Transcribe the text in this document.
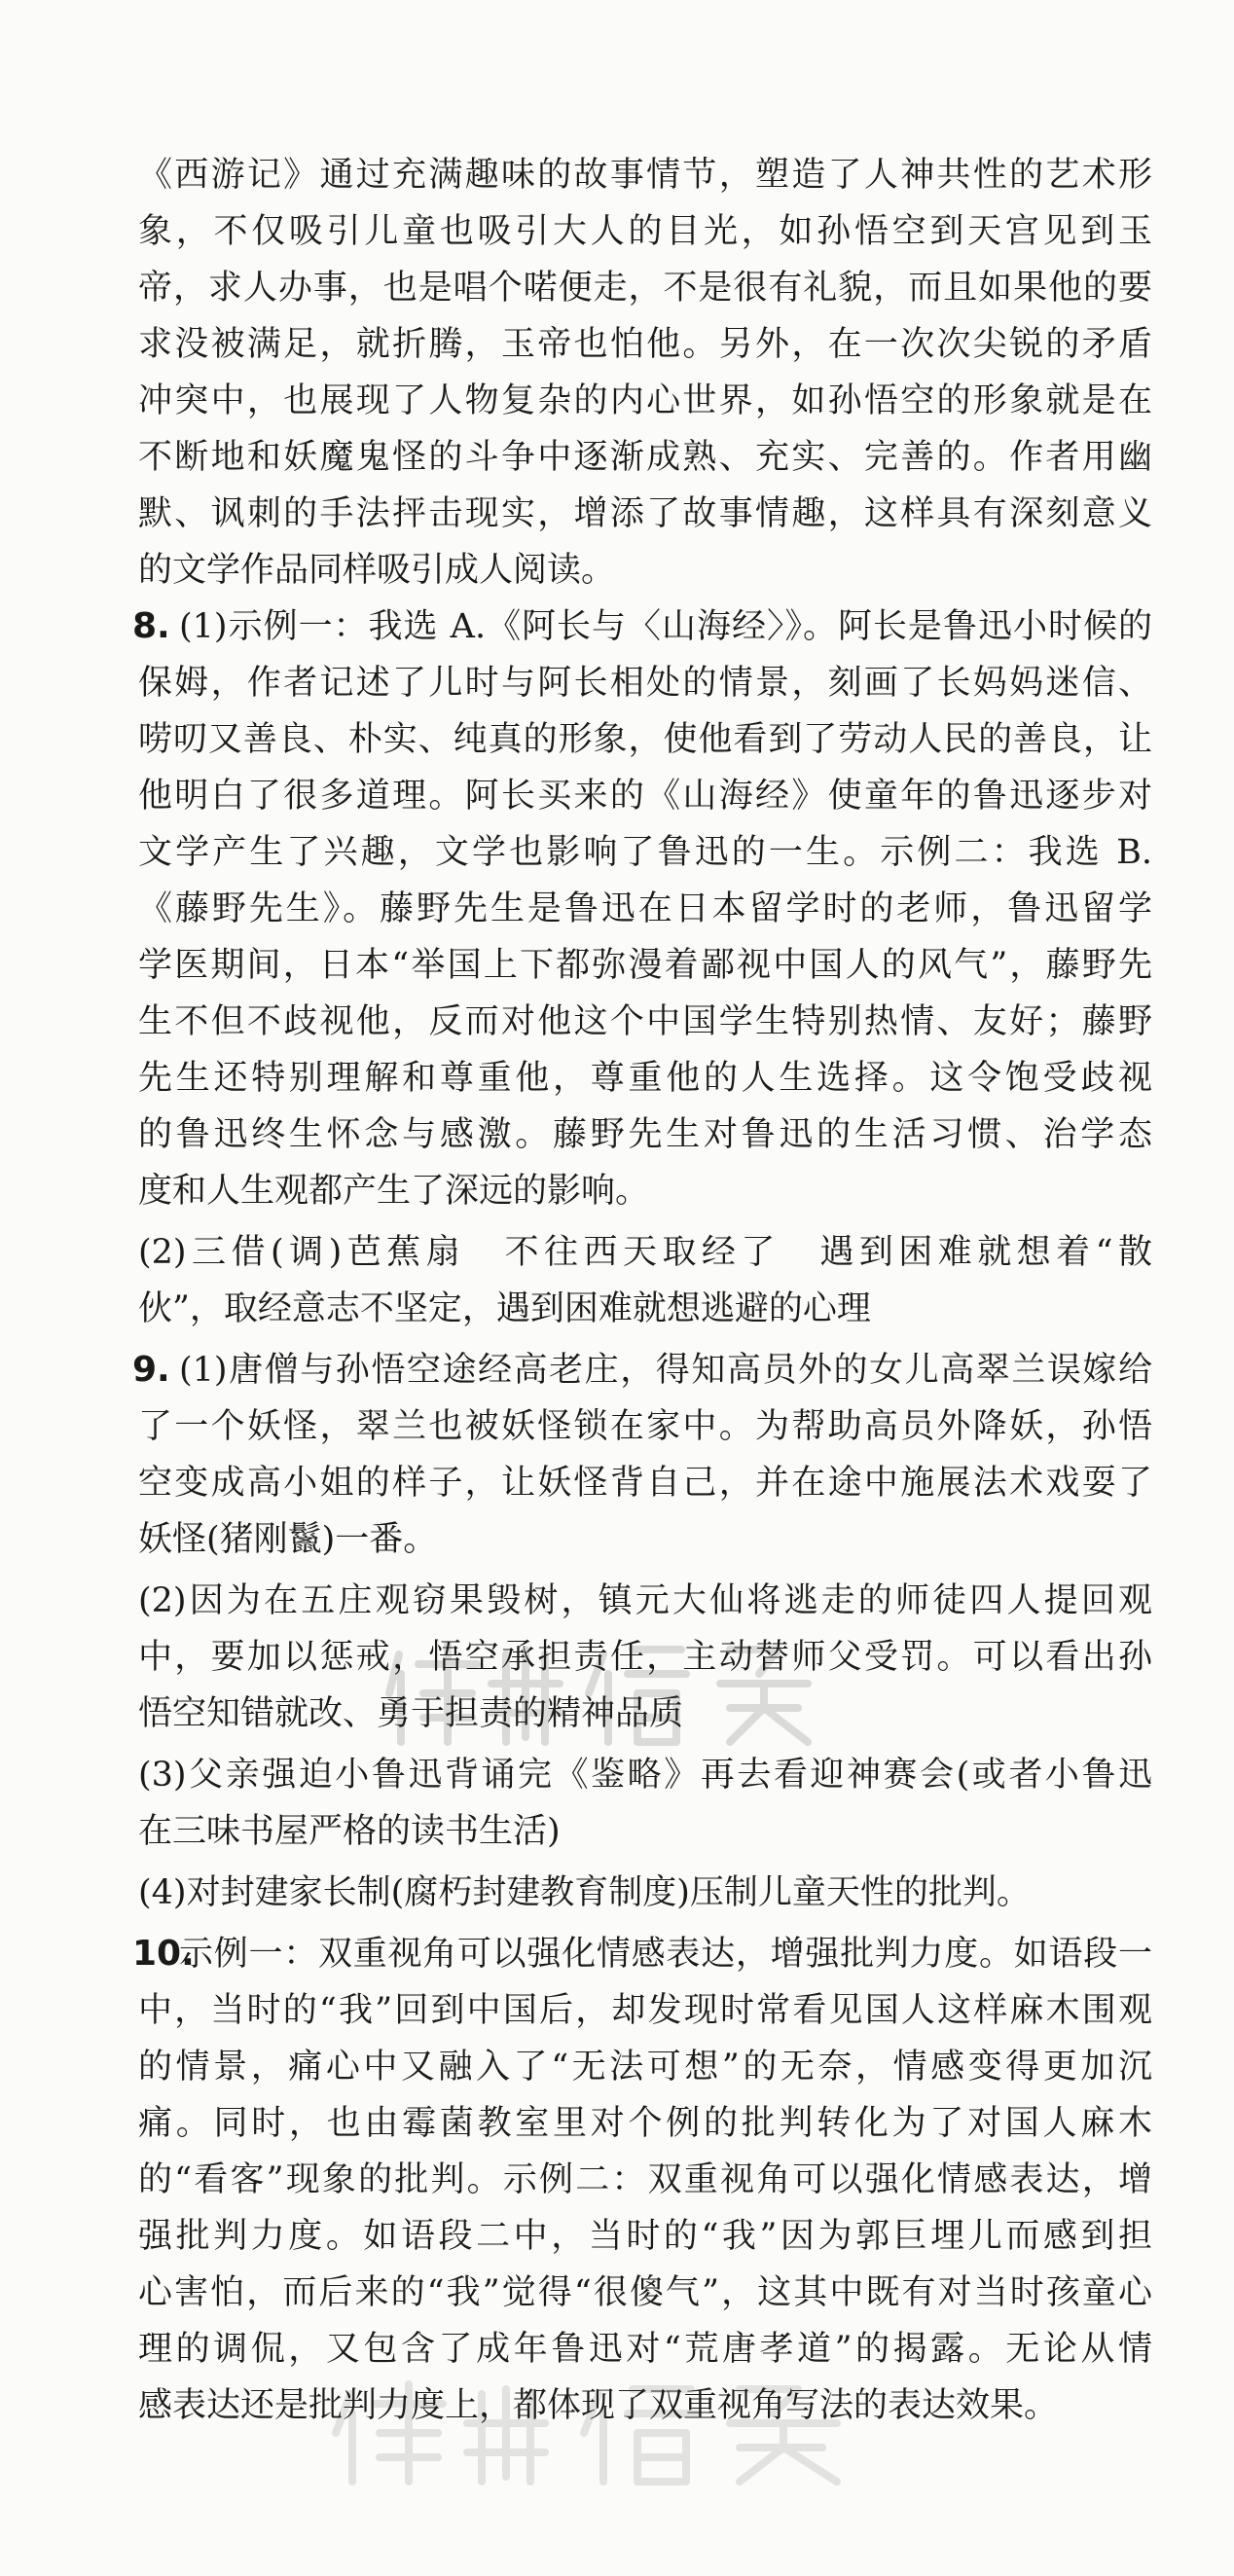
《西游记》通过充满趣味的故事情节，塑造了人神共性的艺术形
象，不仅吸引儿童也吸引大人的目光，如孙悟空到天宫见到玉
帝，求人办事，也是唱个喏便走，不是很有礼貌，而且如果他的要
求没被满足，就折腾，玉帝也怕他。另外，在一次次尖锐的矛盾
冲突中，也展现了人物复杂的内心世界，如孙悟空的形象就是在
不断地和妖魔鬼怪的斗争中逐渐成熟、充实、完善的。作者用幽
默、讽刺的手法抨击现实，增添了故事情趣，这样具有深刻意义
的文学作品同样吸引成人阅读。
8. (1)示例一：我选 A.《阿长与〈山海经〉》。阿长是鲁迅小时候的
保姆，作者记述了儿时与阿长相处的情景，刻画了长妈妈迷信、
唠叨又善良、朴实、纯真的形象，使他看到了劳动人民的善良，让
他明白了很多道理。阿长买来的《山海经》使童年的鲁迅逐步对
文学产生了兴趣，文学也影响了鲁迅的一生。示例二：我选 B.
《藤野先生》。藤野先生是鲁迅在日本留学时的老师，鲁迅留学
学医期间，日本“举国上下都弥漫着鄙视中国人的风气”，藤野先
生不但不歧视他，反而对他这个中国学生特别热情、友好；藤野
先生还特别理解和尊重他，尊重他的人生选择。这令饱受歧视
的鲁迅终生怀念与感激。藤野先生对鲁迅的生活习惯、治学态
度和人生观都产生了深远的影响。
(2)三借(调)芭蕉扇　不往西天取经了　遇到困难就想着“散
伙”，取经意志不坚定，遇到困难就想逃避的心理
9. (1)唐僧与孙悟空途经高老庄，得知高员外的女儿高翠兰误嫁给
了一个妖怪，翠兰也被妖怪锁在家中。为帮助高员外降妖，孙悟
空变成高小姐的样子，让妖怪背自己，并在途中施展法术戏耍了
妖怪(猪刚鬣)一番。
(2)因为在五庄观窃果毁树，镇元大仙将逃走的师徒四人提回观
中，要加以惩戒，悟空承担责任，主动替师父受罚。可以看出孙
悟空知错就改、勇于担责的精神品质
(3)父亲强迫小鲁迅背诵完《鉴略》再去看迎神赛会(或者小鲁迅
在三味书屋严格的读书生活)
(4)对封建家长制(腐朽封建教育制度)压制儿童天性的批判。
10.
示例一：双重视角可以强化情感表达，增强批判力度。如语段一
中，当时的“我”回到中国后，却发现时常看见国人这样麻木围观
的情景，痛心中又融入了“无法可想”的无奈，情感变得更加沉
痛。同时，也由霉菌教室里对个例的批判转化为了对国人麻木
的“看客”现象的批判。示例二：双重视角可以强化情感表达，增
强批判力度。如语段二中，当时的“我”因为郭巨埋儿而感到担
心害怕，而后来的“我”觉得“很傻气”，这其中既有对当时孩童心
理的调侃，又包含了成年鲁迅对“荒唐孝道”的揭露。无论从情
感表达还是批判力度上，都体现了双重视角写法的表达效果。
